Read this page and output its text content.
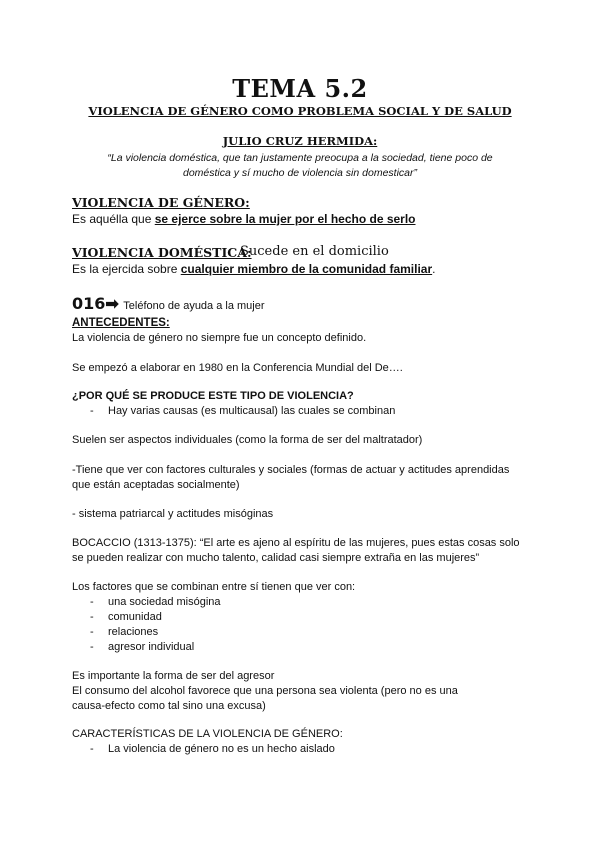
TEMA 5.2
VIOLENCIA DE GÉNERO COMO PROBLEMA SOCIAL Y DE SALUD
JULIO CRUZ HERMIDA:
“La violencia doméstica, que tan justamente preocupa a la sociedad, tiene poco de doméstica y sí mucho de violencia sin domesticar”
VIOLENCIA DE GÉNERO:
Es aquélla que se ejerce sobre la mujer por el hecho de serlo
VIOLENCIA DOMÉSTICA:
Sucede en el domicilio
Es la ejercida sobre cualquier miembro de la comunidad familiar.
016➡ Teléfono de ayuda a la mujer
ANTECEDENTES:
La violencia de género no siempre fue un concepto definido.
Se empezó a elaborar en 1980 en la Conferencia Mundial del De….
¿POR QUÉ SE PRODUCE ESTE TIPO DE VIOLENCIA?
- Hay varias causas (es multicausal) las cuales se combinan
Suelen ser aspectos individuales (como la forma de ser del maltratador)
-Tiene que ver con factores culturales y sociales (formas de actuar y actitudes aprendidas
que están aceptadas socialmente)
- sistema patriarcal y actitudes misóginas
BOCACCIO (1313-1375): “El arte es ajeno al espíritu de las mujeres, pues estas cosas solo
se pueden realizar con mucho talento, calidad casi siempre extraña en las mujeres”
Los factores que se combinan entre sí tienen que ver con:
- una sociedad misógina
- comunidad
- relaciones
- agresor individual
Es importante la forma de ser del agresor
El consumo del alcohol favorece que una persona sea violenta (pero no es una
causa-efecto como tal sino una excusa)
CARACTERÍSTICAS DE LA VIOLENCIA DE GÉNERO:
- La violencia de género no es un hecho aislado
